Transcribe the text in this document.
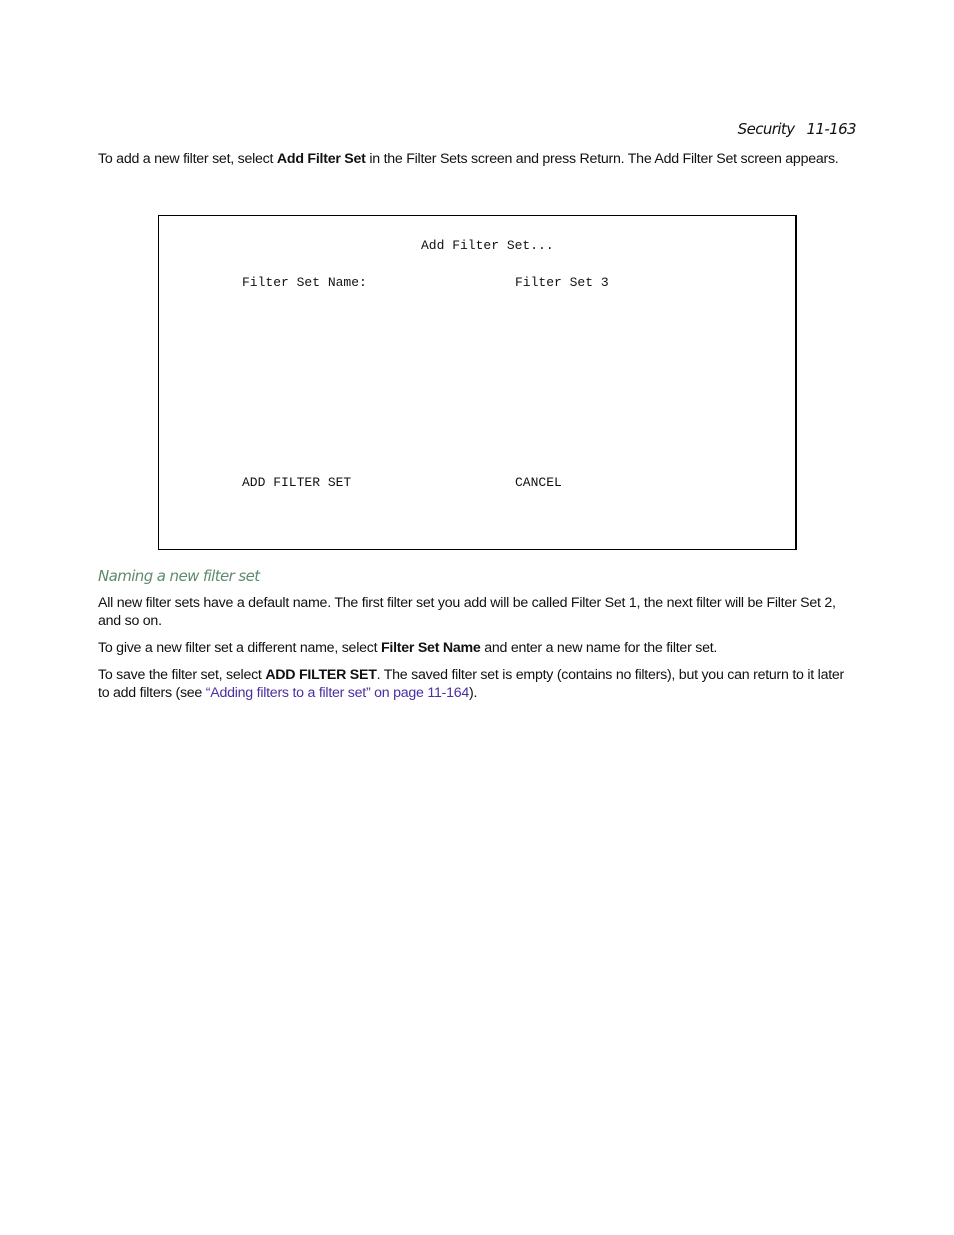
Security 11-163
To add a new filter set, select Add Filter Set in the Filter Sets screen and press Return. The Add Filter Set screen appears.
Add Filter Set...
Filter Set Name:	Filter Set 3
ADD FILTER SET	CANCEL
Naming a new filter set
All new filter sets have a default name. The first filter set you add will be called Filter Set 1, the next filter will be Filter Set 2, and so on.
To give a new filter set a different name, select Filter Set Name and enter a new name for the filter set.
To save the filter set, select ADD FILTER SET. The saved filter set is empty (contains no filters), but you can return to it later to add filters (see “Adding filters to a filter set” on page 11-164).
